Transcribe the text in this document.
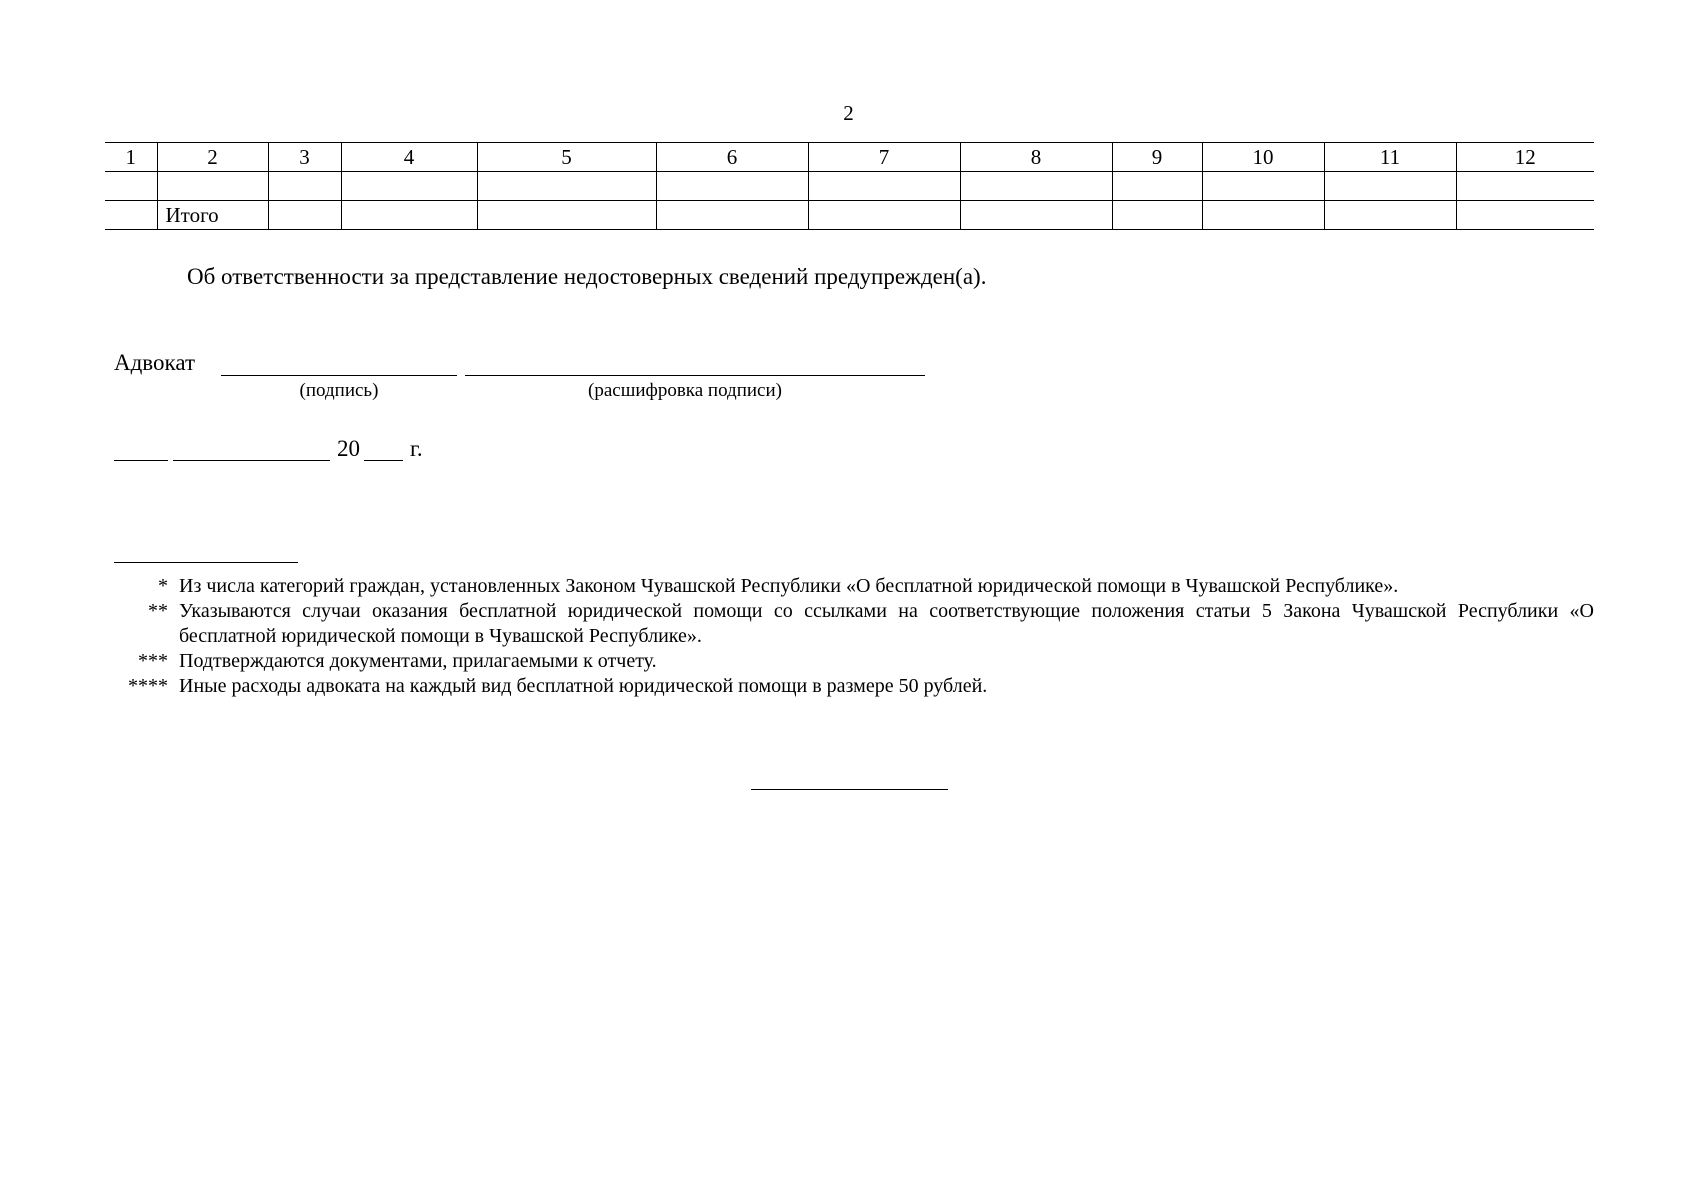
2
1	2	3	4	5	6	7	8	9	10	11	12

	Итого										
Об ответственности за представление недостоверных сведений предупрежден(а).
Адвокат
(подпись)	(расшифровка подписи)
20 г.
* Из числа категорий граждан, установленных Законом Чувашской Республики «О бесплатной юридической помощи в Чувашской Республике».
** Указываются случаи оказания бесплатной юридической помощи со ссылками на соответствующие положения статьи 5 Закона Чувашской Республики «О бесплатной юридической помощи в Чувашской Республике».
*** Подтверждаются документами, прилагаемыми к отчету.
**** Иные расходы адвоката на каждый вид бесплатной юридической помощи в размере 50 рублей.
